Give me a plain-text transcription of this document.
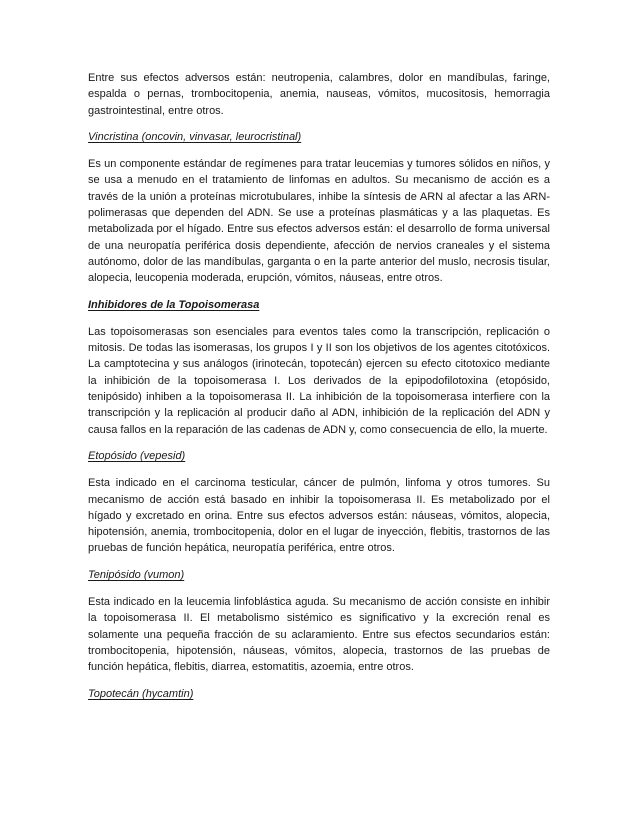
Entre sus efectos adversos están: neutropenia, calambres, dolor en mandíbulas, faringe, espalda o pernas, trombocitopenia, anemia, nauseas, vómitos, mucositosis, hemorragia gastrointestinal, entre otros.

Vincristina (oncovin, vinvasar, leurocristinal)

Es un componente estándar de regímenes para tratar leucemias y tumores sólidos en niños, y se usa a menudo en el tratamiento de linfomas en adultos. Su mecanismo de acción es a través de la unión a proteínas microtubulares, inhibe la síntesis de ARN al afectar a las ARN-polimerasas que dependen del ADN. Se use a proteínas plasmáticas y a las plaquetas. Es metabolizada por el hígado. Entre sus efectos adversos están: el desarrollo de forma universal de una neuropatía periférica dosis dependiente, afección de nervios craneales y el sistema autónomo, dolor de las mandíbulas, garganta o en la parte anterior del muslo, necrosis tisular, alopecia, leucopenia moderada, erupción, vómitos, náuseas, entre otros.

Inhibidores de la Topoisomerasa

Las topoisomerasas son esenciales para eventos tales como la transcripción, replicación o mitosis. De todas las isomerasas, los grupos I y II son los objetivos de los agentes citotóxicos. La camptotecina y sus análogos (irinotecán, topotecán) ejercen su efecto citotoxico mediante la inhibición de la topoisomerasa I. Los derivados de la epipodofilotoxina (etopósido, tenipósido) inhiben a la topoisomerasa II. La inhibición de la topoisomerasa interfiere con la transcripción y la replicación al producir daño al ADN, inhibición de la replicación del ADN y causa fallos en la reparación de las cadenas de ADN y, como consecuencia de ello, la muerte.

Etopósido (vepesid)

Esta indicado en el carcinoma testicular, cáncer de pulmón, linfoma y otros tumores. Su mecanismo de acción está basado en inhibir la topoisomerasa II. Es metabolizado por el hígado y excretado en orina. Entre sus efectos adversos están: náuseas, vómitos, alopecia, hipotensión, anemia, trombocitopenia, dolor en el lugar de inyección, flebitis, trastornos de las pruebas de función hepática, neuropatía periférica, entre otros.

Tenipósido (vumon)

Esta indicado en la leucemia linfoblástica aguda. Su mecanismo de acción consiste en inhibir la topoisomerasa II. El metabolismo sistémico es significativo y la excreción renal es solamente una pequeña fracción de su aclaramiento. Entre sus efectos secundarios están: trombocitopenia, hipotensión, náuseas, vómitos, alopecia, trastornos de las pruebas de función hepática, flebitis, diarrea, estomatitis, azoemia, entre otros.

Topotecán (hycamtin)
